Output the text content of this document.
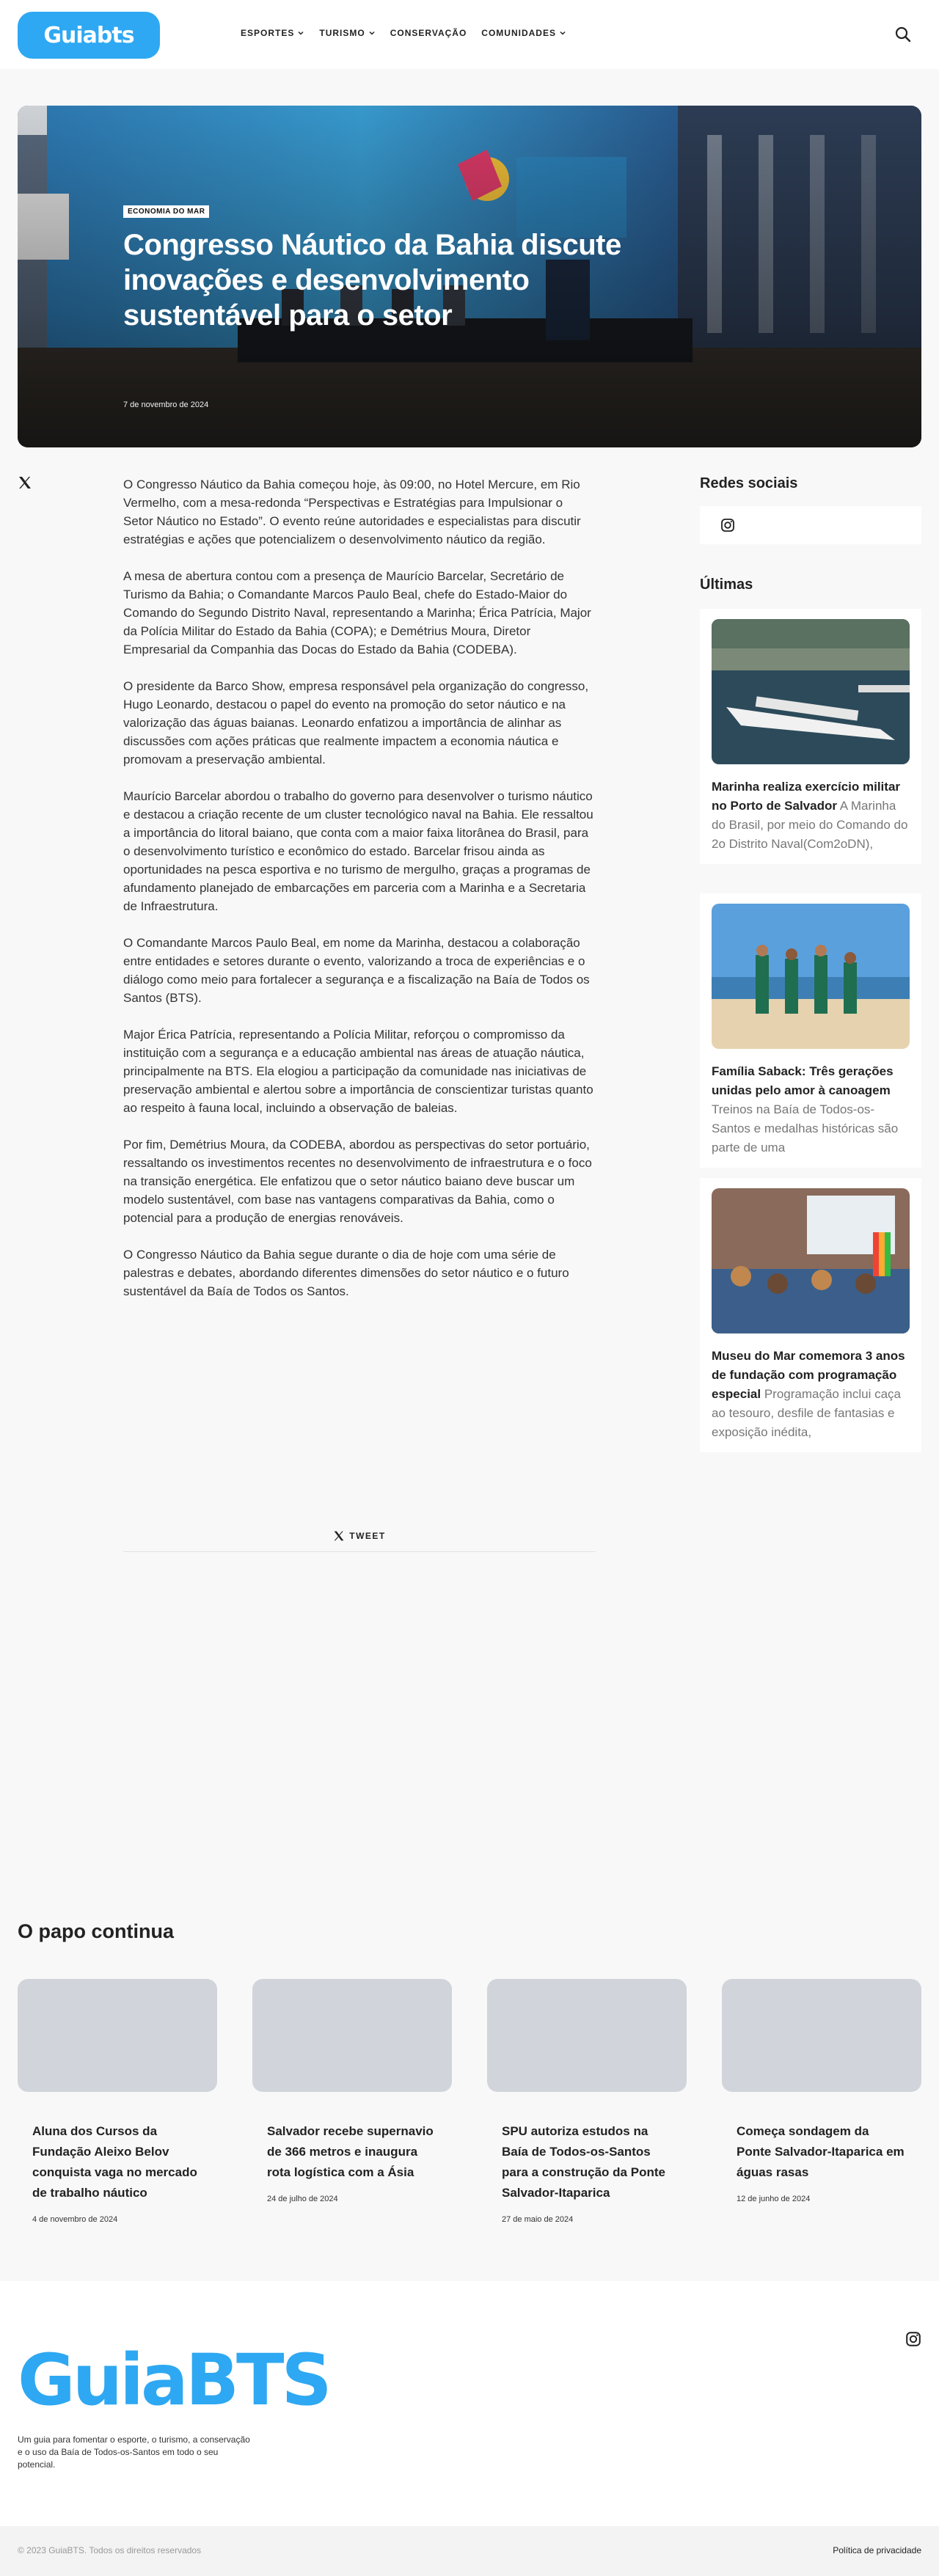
Guiabts	ESPORTES	TURISMO	CONSERVAÇÃO COMUNIDADES
ECONOMIA DO MAR
Congresso Náutico da Bahia discute inovações e desenvolvimento sustentável para o setor
7 de novembro de 2024

O Congresso Náutico da Bahia começou hoje, às 09:00, no Hotel Mercure, em Rio Vermelho, com a mesa-redonda “Perspectivas e Estratégias para Impulsionar o Setor Náutico no Estado”. O evento reúne autoridades e especialistas para discutir estratégias e ações que potencializem o desenvolvimento náutico da região.

A mesa de abertura contou com a presença de Maurício Barcelar, Secretário de Turismo da Bahia; o Comandante Marcos Paulo Beal, chefe do Estado-Maior do Comando do Segundo Distrito Naval, representando a Marinha; Érica Patrícia, Major da Polícia Militar do Estado da Bahia (COPA); e Demétrius Moura, Diretor Empresarial da Companhia das Docas do Estado da Bahia (CODEBA).

O presidente da Barco Show, empresa responsável pela organização do congresso, Hugo Leonardo, destacou o papel do evento na promoção do setor náutico e na valorização das águas baianas. Leonardo enfatizou a importância de alinhar as discussões com ações práticas que realmente impactem a economia náutica e promovam a preservação ambiental.

Maurício Barcelar abordou o trabalho do governo para desenvolver o turismo náutico e destacou a criação recente de um cluster tecnológico naval na Bahia. Ele ressaltou a importância do litoral baiano, que conta com a maior faixa litorânea do Brasil, para o desenvolvimento turístico e econômico do estado. Barcelar frisou ainda as oportunidades na pesca esportiva e no turismo de mergulho, graças a programas de afundamento planejado de embarcações em parceria com a Marinha e a Secretaria de Infraestrutura.

O Comandante Marcos Paulo Beal, em nome da Marinha, destacou a colaboração entre entidades e setores durante o evento, valorizando a troca de experiências e o diálogo como meio para fortalecer a segurança e a fiscalização na Baía de Todos os Santos (BTS).

Major Érica Patrícia, representando a Polícia Militar, reforçou o compromisso da instituição com a segurança e a educação ambiental nas áreas de atuação náutica, principalmente na BTS. Ela elogiou a participação da comunidade nas iniciativas de preservação ambiental e alertou sobre a importância de conscientizar turistas quanto ao respeito à fauna local, incluindo a observação de baleias.

Por fim, Demétrius Moura, da CODEBA, abordou as perspectivas do setor portuário, ressaltando os investimentos recentes no desenvolvimento de infraestrutura e o foco na transição energética. Ele enfatizou que o setor náutico baiano deve buscar um modelo sustentável, com base nas vantagens comparativas da Bahia, como o potencial para a produção de energias renováveis.

O Congresso Náutico da Bahia segue durante o dia de hoje com uma série de palestras e debates, abordando diferentes dimensões do setor náutico e o futuro sustentável da Baía de Todos os Santos.

TWEET
Redes sociais
Últimas
Marinha realiza exercício militar no Porto de Salvador A Marinha do Brasil, por meio do Comando do 2o Distrito Naval(Com2oDN),
Família Saback: Três gerações unidas pelo amor à canoagem Treinos na Baía de Todos-os-Santos e medalhas históricas são parte de uma
Museu do Mar comemora 3 anos de fundação com programação especial Programação inclui caça ao tesouro, desfile de fantasias e exposição inédita,
O papo continua
Aluna dos Cursos da Fundação Aleixo Belov conquista vaga no mercado de trabalho náutico
4 de novembro de 2024
Salvador recebe supernavio de 366 metros e inaugura rota logística com a Ásia
24 de julho de 2024
SPU autoriza estudos na Baía de Todos-os-Santos para a construção da Ponte Salvador-Itaparica
27 de maio de 2024
Começa sondagem da Ponte Salvador-Itaparica em águas rasas
12 de junho de 2024
GuiaBTS

Um guia para fomentar o esporte, o turismo, a conservação e o uso da Baía de Todos-os-Santos em todo o seu potencial.

© 2023 GuiaBTS. Todos os direitos reservados	Política de privacidade
